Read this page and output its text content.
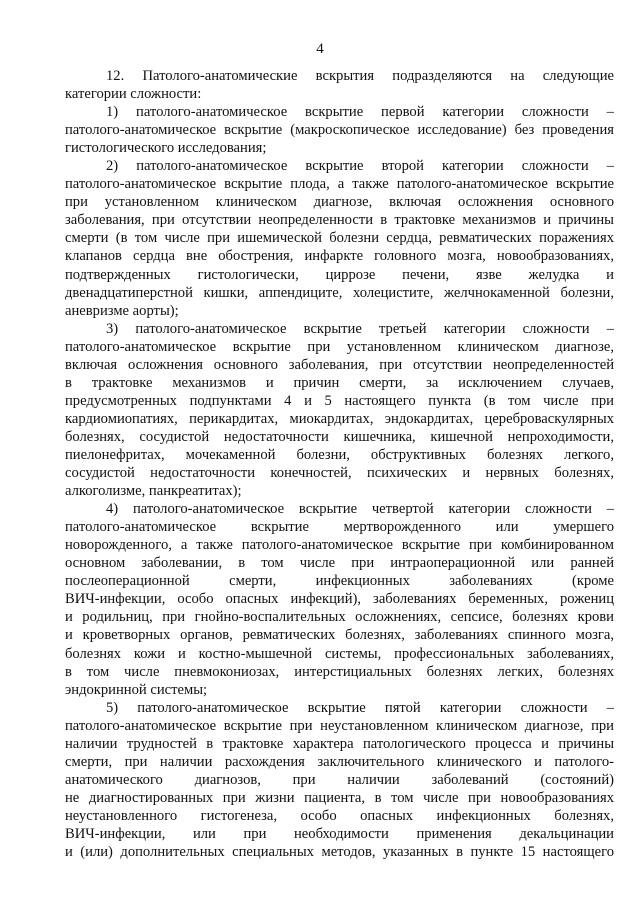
4
12. Патолого-анатомические вскрытия подразделяются на следующие
категории сложности:
1) патолого-анатомическое вскрытие первой категории сложности –
патолого-анатомическое вскрытие (макроскопическое исследование) без проведения
гистологического исследования;
2) патолого-анатомическое вскрытие второй категории сложности –
патолого-анатомическое вскрытие плода, а также патолого-анатомическое вскрытие
при установленном клиническом диагнозе, включая осложнения основного
заболевания, при отсутствии неопределенности в трактовке механизмов и причины
смерти (в том числе при ишемической болезни сердца, ревматических поражениях
клапанов сердца вне обострения, инфаркте головного мозга, новообразованиях,
подтвержденных гистологически, циррозе печени, язве желудка и
двенадцатиперстной кишки, аппендиците, холецистите, желчнокаменной болезни,
аневризме аорты);
3) патолого-анатомическое вскрытие третьей категории сложности –
патолого-анатомическое вскрытие при установленном клиническом диагнозе,
включая осложнения основного заболевания, при отсутствии неопределенностей
в трактовке механизмов и причин смерти, за исключением случаев,
предусмотренных подпунктами 4 и 5 настоящего пункта (в том числе при
кардиомиопатиях, перикардитах, миокардитах, эндокардитах, цереброваскулярных
болезнях, сосудистой недостаточности кишечника, кишечной непроходимости,
пиелонефритах, мочекаменной болезни, обструктивных болезнях легкого,
сосудистой недостаточности конечностей, психических и нервных болезнях,
алкоголизме, панкреатитах);
4) патолого-анатомическое вскрытие четвертой категории сложности –
патолого-анатомическое вскрытие мертворожденного или умершего
новорожденного, а также патолого-анатомическое вскрытие при комбинированном
основном заболевании, в том числе при интраоперационной или ранней
послеоперационной смерти, инфекционных заболеваниях (кроме
ВИЧ-инфекции, особо опасных инфекций), заболеваниях беременных, рожениц
и родильниц, при гнойно-воспалительных осложнениях, сепсисе, болезнях крови
и кроветворных органов, ревматических болезнях, заболеваниях спинного мозга,
болезнях кожи и костно-мышечной системы, профессиональных заболеваниях,
в том числе пневмокониозах, интерстициальных болезнях легких, болезнях
эндокринной системы;
5) патолого-анатомическое вскрытие пятой категории сложности –
патолого-анатомическое вскрытие при неустановленном клиническом диагнозе, при
наличии трудностей в трактовке характера патологического процесса и причины
смерти, при наличии расхождения заключительного клинического и патолого-
анатомического диагнозов, при наличии заболеваний (состояний)
не диагностированных при жизни пациента, в том числе при новообразованиях
неустановленного гистогенеза, особо опасных инфекционных болезнях,
ВИЧ-инфекции, или при необходимости применения декальцинации
и (или) дополнительных специальных методов, указанных в пункте 15 настоящего
